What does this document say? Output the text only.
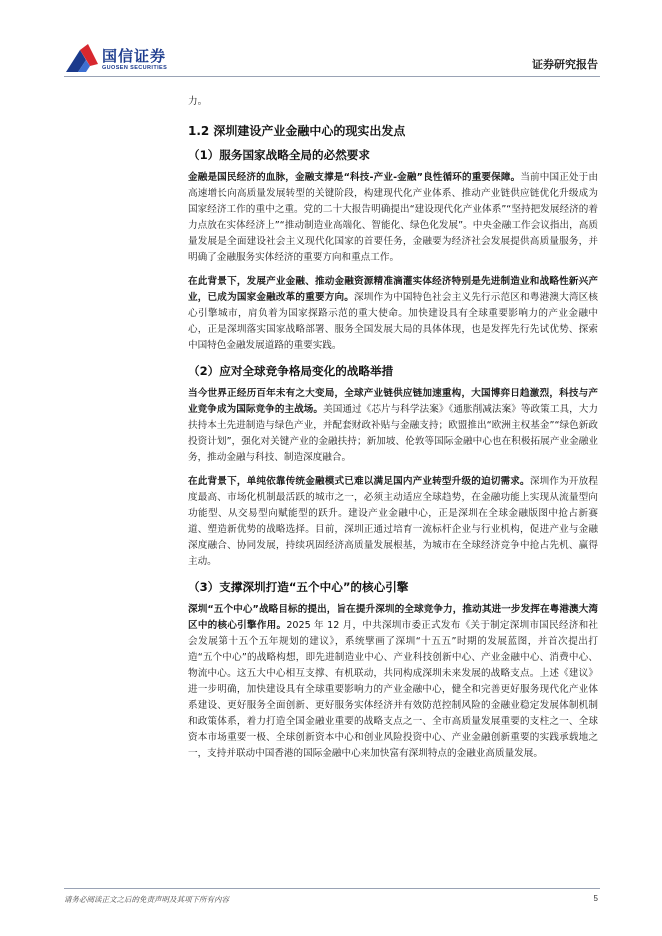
国信证券
GUOSEN SECURITIES	证券研究报告

力。

1.2 深圳建设产业金融中心的现实出发点
（1）服务国家战略全局的必然要求

金融是国民经济的血脉，金融支撑是“科技-产业-金融”良性循环的重要保障。当前中国正处于由高速增长向高质量发展转型的关键阶段，构建现代化产业体系、推动产业链供应链优化升级成为国家经济工作的重中之重。党的二十大报告明确提出“建设现代化产业体系”“坚持把发展经济的着力点放在实体经济上”“推动制造业高端化、智能化、绿色化发展”。中央金融工作会议指出，高质量发展是全面建设社会主义现代化国家的首要任务，金融要为经济社会发展提供高质量服务，并明确了金融服务实体经济的重要方向和重点工作。

在此背景下，发展产业金融、推动金融资源精准滴灌实体经济特别是先进制造业和战略性新兴产业，已成为国家金融改革的重要方向。深圳作为中国特色社会主义先行示范区和粤港澳大湾区核心引擎城市，肩负着为国家探路示范的重大使命。加快建设具有全球重要影响力的产业金融中心，正是深圳落实国家战略部署、服务全国发展大局的具体体现，也是发挥先行先试优势、探索中国特色金融发展道路的重要实践。

（2）应对全球竞争格局变化的战略举措

当今世界正经历百年未有之大变局，全球产业链供应链加速重构，大国博弈日趋激烈，科技与产业竞争成为国际竞争的主战场。美国通过《芯片与科学法案》《通胀削减法案》等政策工具，大力扶持本土先进制造与绿色产业，并配套财政补贴与金融支持；欧盟推出“欧洲主权基金”“绿色新政投资计划”，强化对关键产业的金融扶持；新加坡、伦敦等国际金融中心也在积极拓展产业金融业务，推动金融与科技、制造深度融合。

在此背景下，单纯依靠传统金融模式已难以满足国内产业转型升级的迫切需求。深圳作为开放程度最高、市场化机制最活跃的城市之一，必须主动适应全球趋势，在金融功能上实现从流量型向功能型、从交易型向赋能型的跃升。建设产业金融中心，正是深圳在全球金融版图中抢占新赛道、塑造新优势的战略选择。目前，深圳正通过培育一流标杆企业与行业机构，促进产业与金融深度融合、协同发展，持续巩固经济高质量发展根基，为城市在全球经济竞争中抢占先机、赢得主动。

（3）支撑深圳打造“五个中心”的核心引擎

深圳“五个中心”战略目标的提出，旨在提升深圳的全球竞争力，推动其进一步发挥在粤港澳大湾区中的核心引擎作用。2025 年 12 月，中共深圳市委正式发布《关于制定深圳市国民经济和社会发展第十五个五年规划的建议》，系统擘画了深圳“十五五”时期的发展蓝图，并首次提出打造“五个中心”的战略构想，即先进制造业中心、产业科技创新中心、产业金融中心、消费中心、物流中心。这五大中心相互支撑、有机联动，共同构成深圳未来发展的战略支点。上述《建议》进一步明确，加快建设具有全球重要影响力的产业金融中心，健全和完善更好服务现代化产业体系建设、更好服务全面创新、更好服务实体经济并有效防范控制风险的金融业稳定发展体制机制和政策体系，着力打造全国金融业重要的战略支点之一、全市高质量发展重要的支柱之一、全球资本市场重要一极、全球创新资本中心和创业风险投资中心、产业金融创新重要的实践承载地之一，支持并联动中国香港的国际金融中心来加快富有深圳特点的金融业高质量发展。

请务必阅读正文之后的免责声明及其项下所有内容	5
